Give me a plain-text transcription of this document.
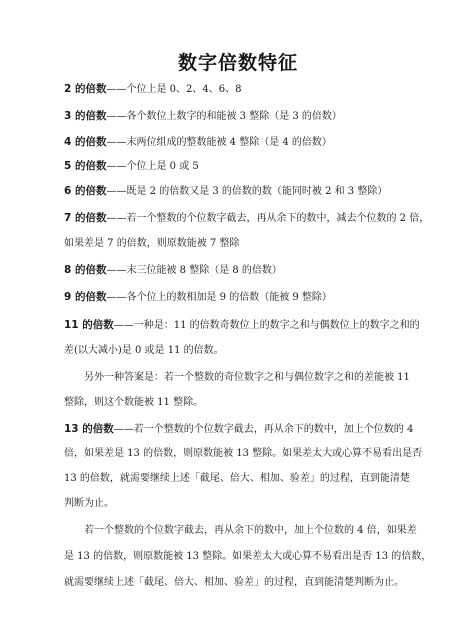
数字倍数特征
2 的倍数——个位上是 0、2、4、6、8
3 的倍数——各个数位上数字的和能被 3 整除（是 3 的倍数）
4 的倍数——末两位组成的整数能被 4 整除（是 4 的倍数）
5 的倍数——个位上是 0 或 5
6 的倍数——既是 2 的倍数又是 3 的倍数的数（能同时被 2 和 3 整除）
7 的倍数——若一个整数的个位数字截去，再从余下的数中，减去个位数的 2 倍，
如果差是 7 的倍数，则原数能被 7 整除
8 的倍数——末三位能被 8 整除（是 8 的倍数）
9 的倍数——各个位上的数相加是 9 的倍数（能被 9 整除）
11 的倍数——一种是：11 的倍数奇数位上的数字之和与偶数位上的数字之和的
差(以大减小)是 0 或是 11 的倍数。
另外一种答案是：若一个整数的奇位数字之和与偶位数字之和的差能被 11
整除，则这个数能被 11 整除。
13 的倍数——若一个整数的个位数字截去，再从余下的数中，加上个位数的 4
倍，如果差是 13 的倍数，则原数能被 13 整除。如果差太大或心算不易看出是否
13 的倍数，就需要继续上述「截尾、倍大、相加、验差」的过程，直到能清楚
判断为止。
若一个整数的个位数字截去，再从余下的数中，加上个位数的 4 倍，如果差
是 13 的倍数，则原数能被 13 整除。如果差太大或心算不易看出是否 13 的倍数，
就需要继续上述「截尾、倍大、相加、验差」的过程，直到能清楚判断为止。
